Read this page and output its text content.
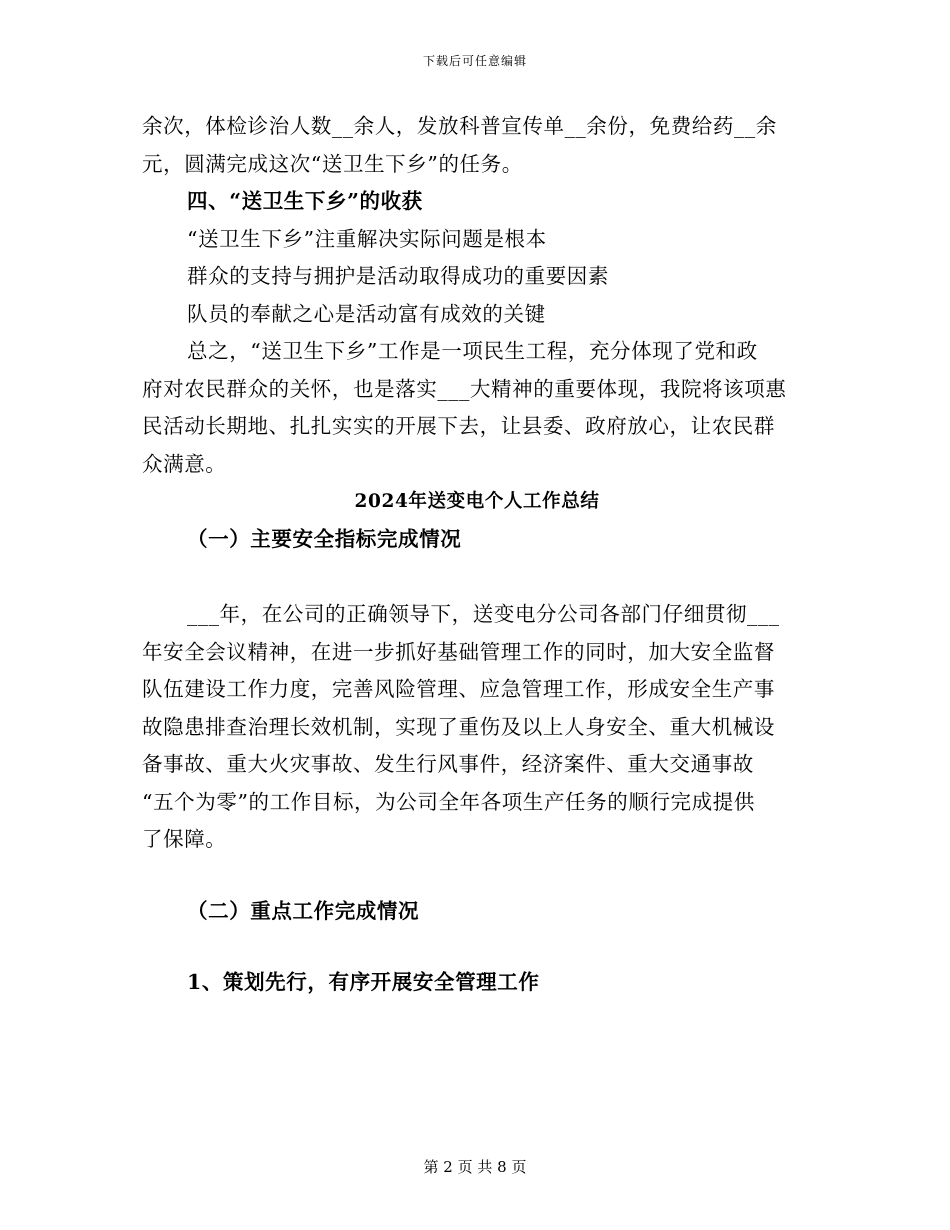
下载后可任意编辑
余次，体检诊治人数__余人，发放科普宣传单__余份，免费给药__余
元，圆满完成这次“送卫生下乡”的任务。
四、“送卫生下乡”的收获
“送卫生下乡”注重解决实际问题是根本
群众的支持与拥护是活动取得成功的重要因素
队员的奉献之心是活动富有成效的关键
总之，“送卫生下乡”工作是一项民生工程，充分体现了党和政
府对农民群众的关怀，也是落实___大精神的重要体现，我院将该项惠
民活动长期地、扎扎实实的开展下去，让县委、政府放心，让农民群
众满意。
2024年送变电个人工作总结
（一）主要安全指标完成情况
___年，在公司的正确领导下，送变电分公司各部门仔细贯彻___
年安全会议精神，在进一步抓好基础管理工作的同时，加大安全监督
队伍建设工作力度，完善风险管理、应急管理工作，形成安全生产事
故隐患排查治理长效机制，实现了重伤及以上人身安全、重大机械设
备事故、重大火灾事故、发生行风事件，经济案件、重大交通事故
“五个为零”的工作目标，为公司全年各项生产任务的顺行完成提供
了保障。
（二）重点工作完成情况
1、策划先行，有序开展安全管理工作
第 2 页 共 8 页
